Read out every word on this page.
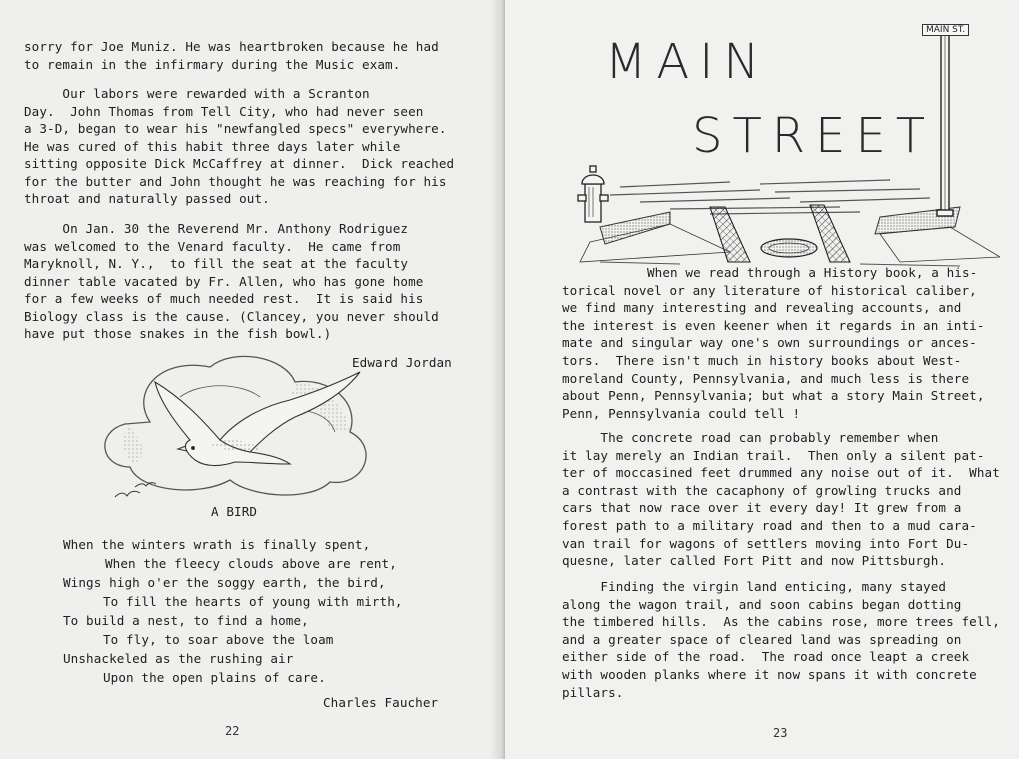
sorry for Joe Muniz. He was heartbroken because he had
to remain in the infirmary during the Music exam.
Our labors were rewarded with a Scranton
Day.  John Thomas from Tell City, who had never seen
a 3-D, began to wear his "newfangled specs" everywhere.
He was cured of this habit three days later while
sitting opposite Dick McCaffrey at dinner.  Dick reached
for the butter and John thought he was reaching for his
throat and naturally passed out.
On Jan. 30 the Reverend Mr. Anthony Rodriguez
was welcomed to the Venard faculty.  He came from
Maryknoll, N. Y.,  to fill the seat at the faculty
dinner table vacated by Fr. Allen, who has gone home
for a few weeks of much needed rest.  It is said his
Biology class is the cause. (Clancey, you never should
have put those snakes in the fish bowl.)
Edward Jordan
A BIRD
When the winters wrath is finally spent,
When the fleecy clouds above are rent,
Wings high o'er the soggy earth, the bird,
To fill the hearts of young with mirth,
To build a nest, to find a home,
To fly, to soar above the loam
Unshackeled as the rushing air
Upon the open plains of care.
Charles Faucher
22
MAIN
STREET
MAIN ST.
When we read through a History book, a his-
torical novel or any literature of historical caliber,
we find many interesting and revealing accounts, and
the interest is even keener when it regards in an inti-
mate and singular way one's own surroundings or ances-
tors.  There isn't much in history books about West-
moreland County, Pennsylvania, and much less is there
about Penn, Pennsylvania; but what a story Main Street,
Penn, Pennsylvania could tell !
The concrete road can probably remember when
it lay merely an Indian trail.  Then only a silent pat-
ter of moccasined feet drummed any noise out of it.  What
a contrast with the cacaphony of growling trucks and
cars that now race over it every day! It grew from a
forest path to a military road and then to a mud cara-
van trail for wagons of settlers moving into Fort Du-
quesne, later called Fort Pitt and now Pittsburgh.
Finding the virgin land enticing, many stayed
along the wagon trail, and soon cabins began dotting
the timbered hills.  As the cabins rose, more trees fell,
and a greater space of cleared land was spreading on
either side of the road.  The road once leapt a creek
with wooden planks where it now spans it with concrete
pillars.
23
